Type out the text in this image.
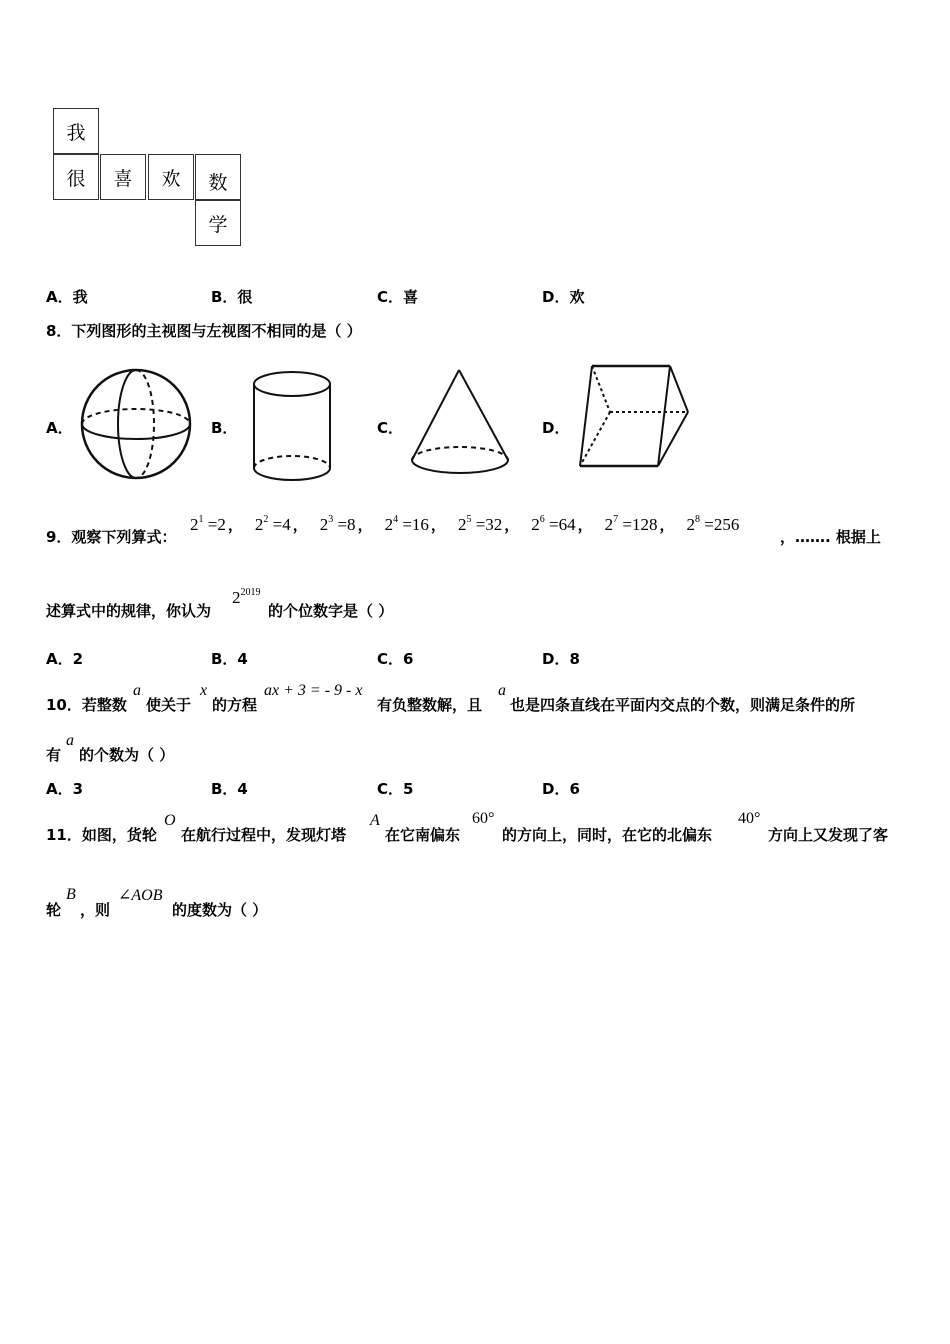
我
很	喜	欢	数
学
A．我	B．很	C．喜	D．欢
8．下列图形的主视图与左视图不相同的是（ ）
A．	B．	C．	D．
9．观察下列算式：
$2^1 =2$ ， $2^2 =4$ ， $2^3 =8$ ， $2^4 =16$ ， $2^5 =32$ ， $2^6 =64$ ， $2^7 =128$ ， $2^8 =256$
，……. 根据上
述算式中的规律，你认为
$2^{2019}$
的个位数字是（ ）
A．2	B．4	C．6	D．8
10．若整数
a
使关于
x
的方程
ax + 3 = - 9 - x
有负整数解，且
a
也是四条直线在平面内交点的个数，则满足条件的所
有
a
的个数为（ ）
A．3	B．4	C．5	D．6
11．如图，货轮
O
在航行过程中，发现灯塔
A
在它南偏东
60°
的方向上，同时，在它的北偏东
40°
方向上又发现了客
轮
B
，则
∠AOB
的度数为（ ）
